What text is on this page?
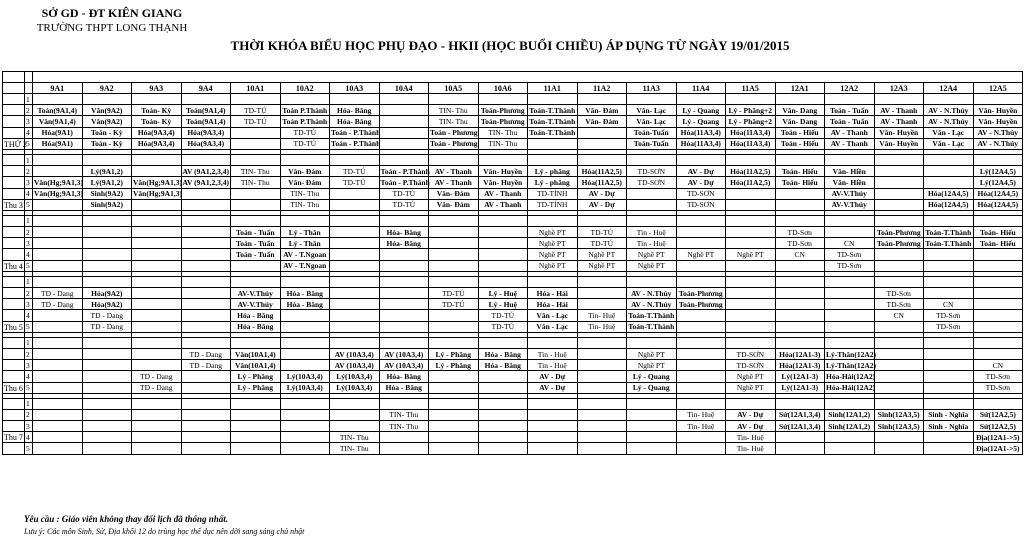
SỞ GD - ĐT KIÊN GIANG
TRƯỜNG THPT LONG THẠNH
THỜI KHÓA BIỂU HỌC PHỤ ĐẠO - HKII (HỌC BUỔI CHIỀU) ÁP DỤNG TỪ NGÀY 19/01/2015

		9A1	9A2	9A3	9A4	10A1	10A2	10A3	10A4	10A5	10A6	11A1	11A2	11A3	11A4	11A5	12A1	12A2	12A3	12A4	12A5
	1																				
	2	Toán(9A1,4)	Văn(9A2)	Toán- Kỳ	Toán(9A1,4)	TD-TÚ	Toán P.Thành	Hóa- Băng		TIN- Thu	Toán-Phương	Toán-T.Thành	Văn- Đảm	Văn- Lạc	Lý - Quang	Lý - Phãng+2	Văn- Dang	Toán - Tuấn	AV - Thanh	AV - N.Thủy	Văn- Huyền
	3	Văn(9A1,4)	Văn(9A2)	Toán- Kỳ	Toán(9A1,4)	TD-TÚ	Toán P.Thành	Hóa- Băng		TIN- Thu	Toán-Phương	Toán-T.Thành	Văn- Đảm	Văn- Lạc	Lý - Quang	Lý - Phãng+2	Văn- Dang	Toán - Tuấn	AV - Thanh	AV - N.Thủy	Văn- Huyền
	4	Hóa(9A1)	Toán - Kỳ	Hóa(9A3,4)	Hóa(9A3,4)		TD-TÚ	Toán - P.Thành		Toán - Phương	TIN- Thu	Toán-T.Thành		Toán-Tuấn	Hóa(11A3,4)	Hóa(11A3,4)	Toán - Hiếu	AV - Thanh	Văn- Huyền	Văn - Lạc	AV - N.Thủy
THỨ 2	5	Hóa(9A1)	Toán - Kỳ	Hóa(9A3,4)	Hóa(9A3,4)		TD-TÚ	Toán - P.Thành		Toán - Phương	TIN- Thu			Toán-Tuấn	Hóa(11A3,4)	Hóa(11A3,4)	Toán - Hiếu	AV - Thanh	Văn- Huyền	Văn - Lạc	AV - N.Thủy

	1																				
	2		Lý(9A1,2)		AV (9A1,2,3,4)	TIN- Thu	Văn- Đảm	TD-TÚ	Toán - P.Thành	AV - Thanh	Văn- Huyền	Lý - phãng	Hóa(11A2,5)	TD-SƠN	AV - Dự	Hóa(11A2,5)	Toán- Hiếu	Văn- Hiền			Lý(12A4,5)
	3	Văn(Hg;9A1,3)	Lý(9A1,2)	Văn(Hg;9A1,3)	AV (9A1,2,3,4)	TIN- Thu	Văn- Đảm	TD-TÚ	Toán - P.Thành	AV - Thanh	Văn- Huyền	Lý - phãng	Hóa(11A2,5)	TD-SƠN	AV - Dự	Hóa(11A2,5)	Toán- Hiếu	Văn- Hiền			Lý(12A4,5)
	4	Văn(Hg;9A1,3)	Sinh(9A2)	Văn(Hg;9A1,3)			TIN- Thu		TD-TÚ	Văn- Đảm	AV - Thanh	TD-TỈNH	AV - Dự		TD-SƠN			AV-V.Thủy		Hóa(12A4,5)	Hóa(12A4,5)
Thu 3	5		Sinh(9A2)				TIN- Thu		TD-TÚ	Văn- Đảm	AV - Thanh	TD-TỈNH	AV - Dự		TD-SƠN			AV-V.Thủy		Hóa(12A4,5)	Hóa(12A4,5)

	1																				
	2					Toán - Tuấn	Lý - Thân		Hóa- Băng			Nghề PT	TD-TÚ	Tin - Huệ			TD-Sơn		Toán-Phương	Toán-T.Thành	Toán- Hiếu
	3					Toán - Tuấn	Lý - Thân		Hóa- Băng			Nghề PT	TD-TÚ	Tin - Huệ			TD-Sơn	CN	Toán-Phương	Toán-T.Thành	Toán- Hiếu
	4					Toán - Tuấn	AV - T.Ngoan					Nghề PT	Nghề PT	Nghề PT	Nghề PT	Nghề PT	CN	TD-Sơn			
Thu 4	5						AV - T.Ngoan					Nghề PT	Nghề PT	Nghề PT				TD-Sơn			

	1																				
	2	TD - Dang	Hóa(9A2)			AV-V.Thủy	Hóa - Băng			TD-TÚ	Lý - Huệ	Hóa - Hải		AV - N.Thủy	Toán-Phương				TD-Sơn		
	3	TD - Dang	Hóa(9A2)			AV-V.Thủy	Hóa - Băng			TD-TÚ	Lý - Huệ	Hóa - Hải		AV - N.Thủy	Toán-Phương				TD-Sơn	CN	
	4		TD - Dang			Hóa - Băng					TD-TÚ	Văn - Lạc	Tin- Huệ	Toán-T.Thành					CN	TD-Sơn	
Thu 5	5		TD - Dang			Hóa - Băng					TD-TÚ	Văn - Lạc	Tin- Huệ	Toán-T.Thành						TD-Sơn	

	1																				
	2				TD - Dang	Văn(10A1,4)		AV (10A3,4)	AV (10A3,4)	Lý - Phãng	Hóa - Băng	Tin - Huệ		Nghề PT		TD-SƠN	Hóa(12A1-3)	Lý-Thân(12A2)			
	3				TD - Dang	Văn(10A1,4)		AV (10A3,4)	AV (10A3,4)	Lý - Phãng	Hóa - Băng	Tin - Huệ		Nghề PT		TD-SƠN	Hóa(12A1-3)	Lý-Thân(12A2)			CN
	4			TD - Dang		Lý - Phãng	Lý(10A3,4)	Lý(10A3,4)	Hóa- Băng			AV - Dự		Lý - Quang		Nghề PT	Lý(12A1-3)	Hóa-Hải(12A2)			TD-Sơn
Thu 6	5			TD - Dang		Lý - Phãng	Lý(10A3,4)	Lý(10A3,4)	Hóa - Băng			AV - Dự		Lý - Quang		Nghề PT	Lý(12A1-3)	Hóa-Hải(12A2)			TD-Sơn

	1																				
	2								TIN- Thu						Tin- Huệ	AV - Dự	Sử(12A1,3,4)	Sinh(12A1,2)	Sinh(12A3,5)	Sinh - Nghĩa	Sử(12A2,5)
	3								TIN- Thu						Tin- Huệ	AV - Dự	Sử(12A1,3,4)	Sinh(12A1,2)	Sinh(12A3,5)	Sinh - Nghĩa	Sử(12A2,5)
Thu 7	4							TIN- Thu								Tin- Huệ					Địa(12A1->5)
	5							TIN- Thu								Tin- Huệ					Địa(12A1->5)
Yêu cầu : Giáo viên không thay đổi lịch đã thống nhất.
Lưu ý: Các môn Sinh, Sử, Địa khối 12 do trùng học thể dục nên dời sang sáng chủ nhật
